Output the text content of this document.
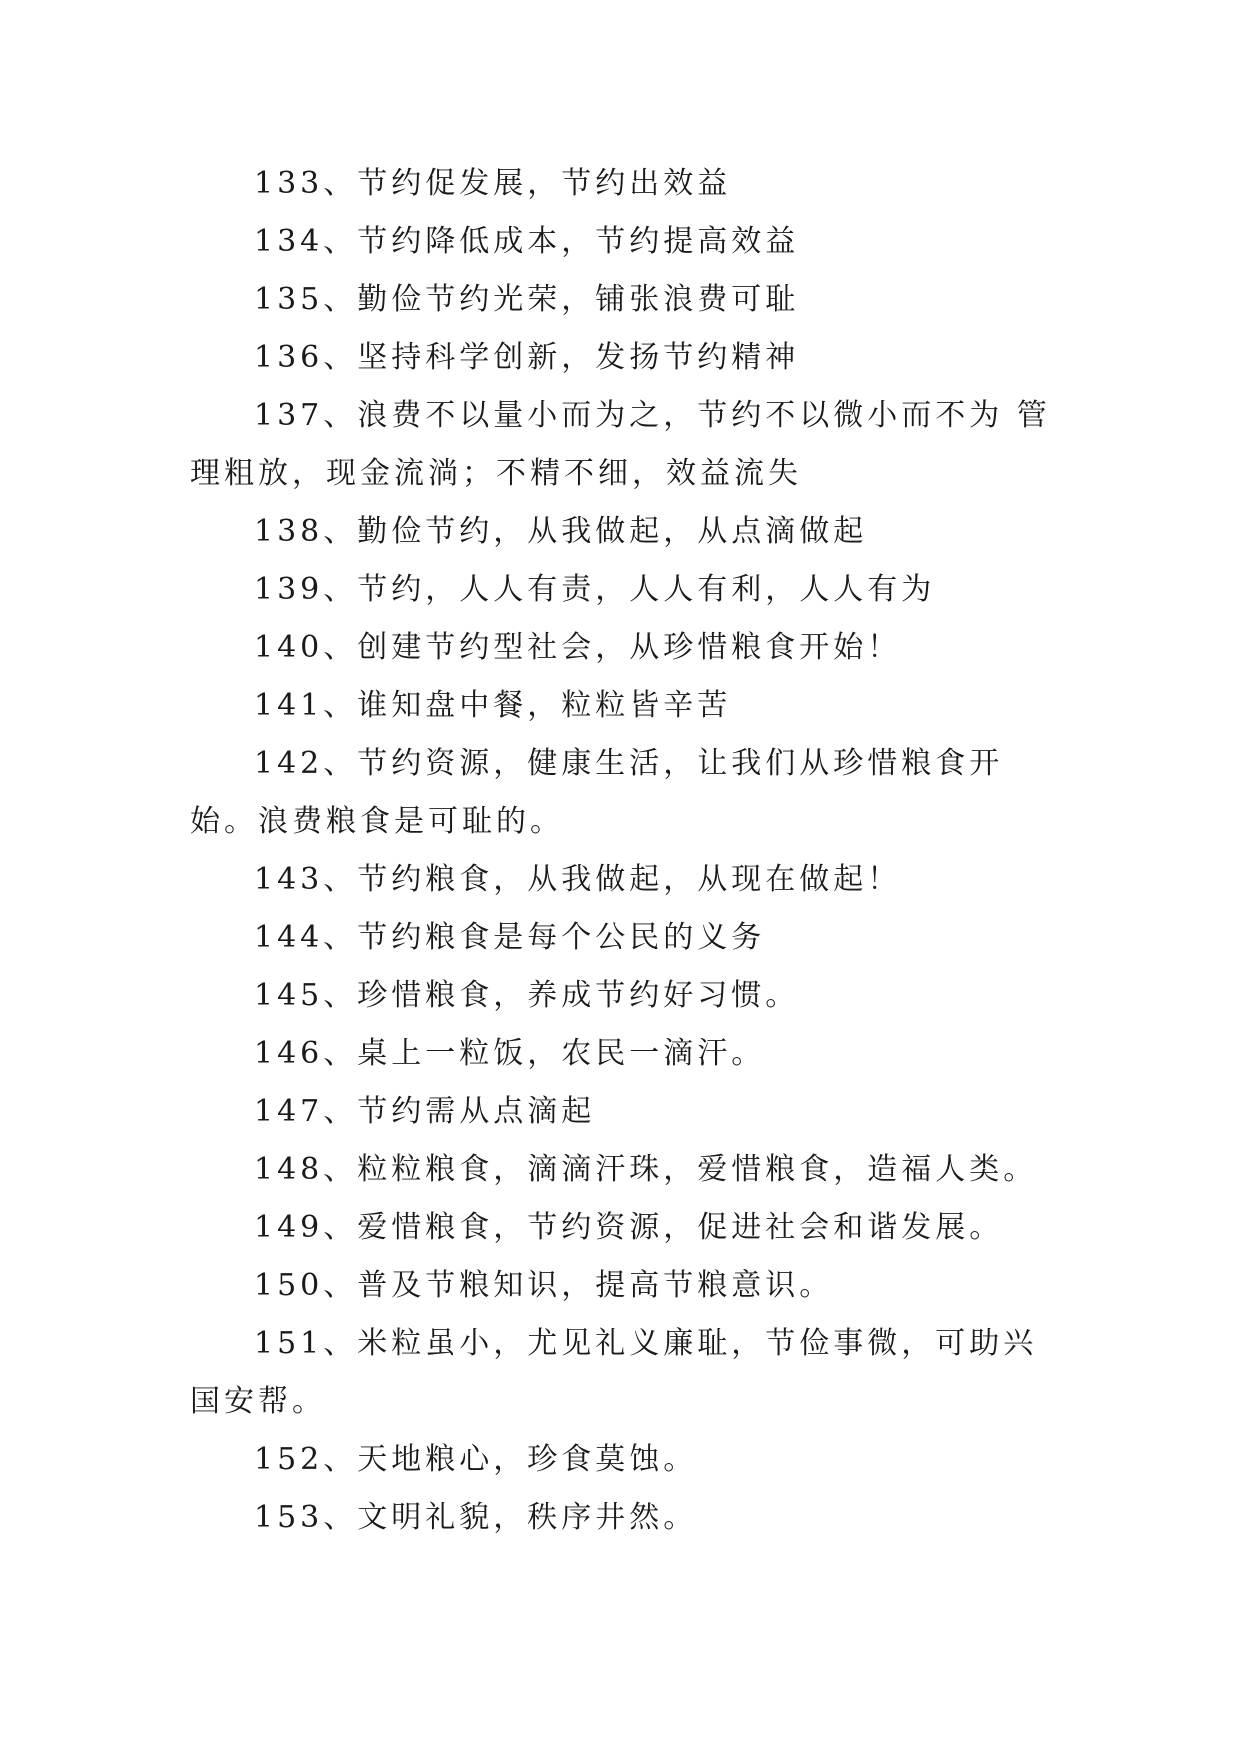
133、节约促发展，节约出效益

134、节约降低成本，节约提高效益

135、勤俭节约光荣，铺张浪费可耻

136、坚持科学创新，发扬节约精神

137、浪费不以量小而为之，节约不以微小而不为 管理粗放，现金流淌；不精不细，效益流失

138、勤俭节约，从我做起，从点滴做起

139、节约，人人有责，人人有利，人人有为

140、创建节约型社会，从珍惜粮食开始！

141、谁知盘中餐，粒粒皆辛苦

142、节约资源，健康生活，让我们从珍惜粮食开始。浪费粮食是可耻的。

143、节约粮食，从我做起，从现在做起！

144、节约粮食是每个公民的义务

145、珍惜粮食，养成节约好习惯。

146、桌上一粒饭，农民一滴汗。

147、节约需从点滴起

148、粒粒粮食，滴滴汗珠，爱惜粮食，造福人类。

149、爱惜粮食，节约资源，促进社会和谐发展。

150、普及节粮知识，提高节粮意识。

151、米粒虽小，尤见礼义廉耻，节俭事微，可助兴国安帮。

152、天地粮心，珍食莫蚀。

153、文明礼貌，秩序井然。
